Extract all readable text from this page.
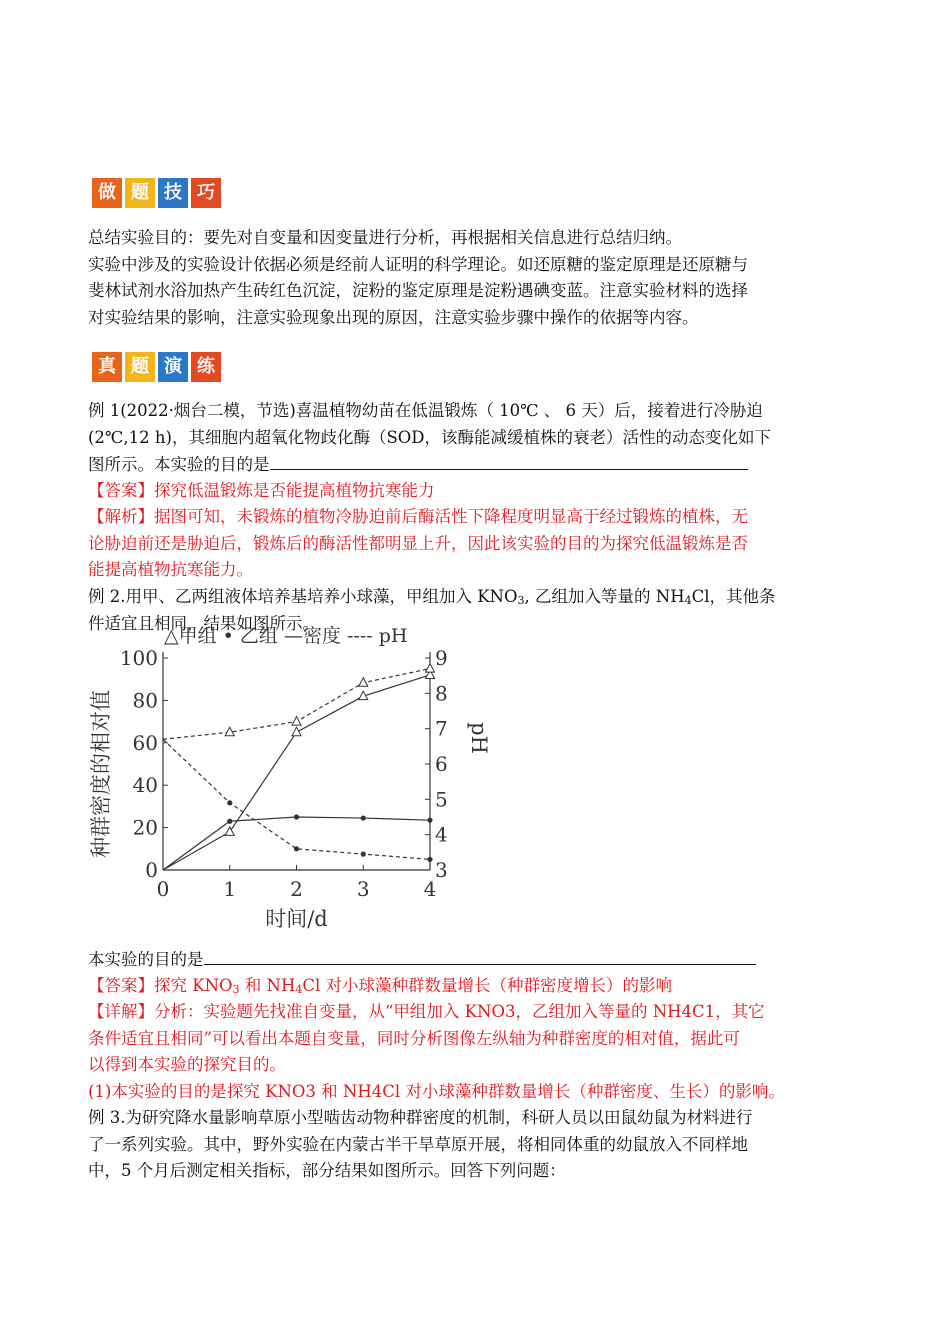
做 题 技 巧
总结实验目的：要先对自变量和因变量进行分析，再根据相关信息进行总结归纳。
实验中涉及的实验设计依据必须是经前人证明的科学理论。如还原糖的鉴定原理是还原糖与
斐林试剂水浴加热产生砖红色沉淀，淀粉的鉴定原理是淀粉遇碘变蓝。注意实验材料的选择
对实验结果的影响，注意实验现象出现的原因，注意实验步骤中操作的依据等内容。
真 题 演 练
例 1(2022·烟台二模，节选)喜温植物幼苗在低温锻炼（ 10℃ 、 6 天）后，接着进行冷胁迫
(2℃,12 h)，其细胞内超氧化物歧化酶（SOD，该酶能减缓植株的衰老）活性的动态变化如下
图所示。本实验的目的是
【答案】探究低温锻炼是否能提高植物抗寒能力
【解析】据图可知，未锻炼的植物冷胁迫前后酶活性下降程度明显高于经过锻炼的植株，无
论胁迫前还是胁迫后，锻炼后的酶活性都明显上升，因此该实验的目的为探究低温锻炼是否
能提高植物抗寒能力。
例 2.用甲、乙两组液体培养基培养小球藻，甲组加入 $KNO_3$, 乙组加入等量的 $NH_4Cl$，其他条
件适宜且相同，结果如图所示。
0
20
40
60
80
100
3
4
5
6
7
8
9
0	1	2	3	4
时间/d
种群密度的相对值	pH
△甲组 • 乙组 —密度 ---- pH
本实验的目的是
【答案】探究 $KNO_3$ 和 $NH_4Cl$ 对小球藻种群数量增长（种群密度增长）的影响
【详解】分析：实验题先找准自变量，从“甲组加入 KNO3，乙组加入等量的 NH4C1，其它
条件适宜且相同”可以看出本题自变量，同时分析图像左纵轴为种群密度的相对值，据此可
以得到本实验的探究目的。
(1)本实验的目的是探究 KNO3 和 NH4Cl 对小球藻种群数量增长（种群密度、生长）的影响。
例 3.为研究降水量影响草原小型啮齿动物种群密度的机制，科研人员以田鼠幼鼠为材料进行
了一系列实验。其中，野外实验在内蒙古半干旱草原开展，将相同体重的幼鼠放入不同样地
中，5 个月后测定相关指标，部分结果如图所示。回答下列问题：
